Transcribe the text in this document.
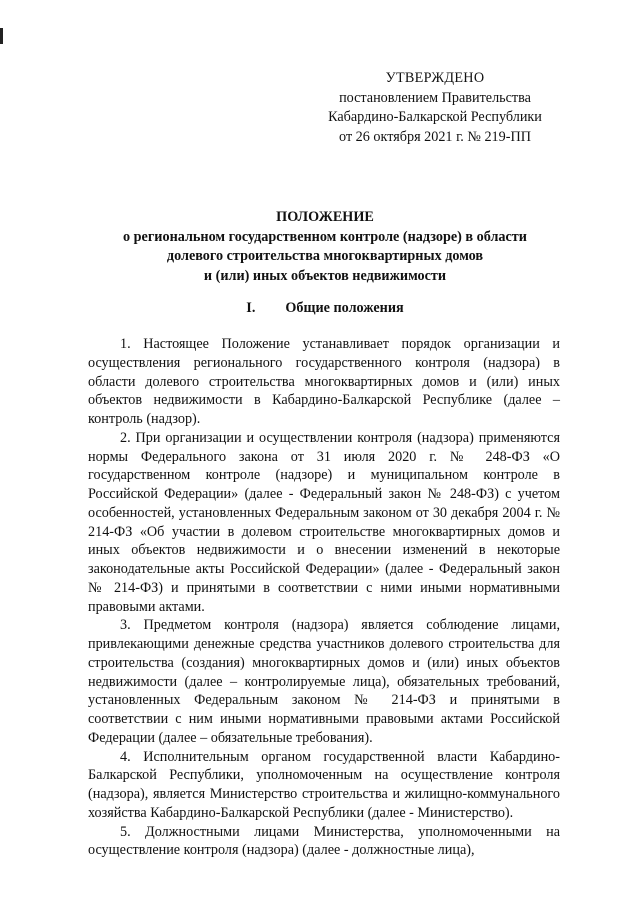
УТВЕРЖДЕНО
постановлением Правительства
Кабардино-Балкарской Республики
от 26 октября 2021 г. № 219-ПП
ПОЛОЖЕНИЕ
о региональном государственном контроле (надзоре) в области
долевого строительства многоквартирных домов
и (или) иных объектов недвижимости
I. Общие положения

1. Настоящее Положение устанавливает порядок организации и осуществления регионального государственного контроля (надзора) в области долевого строительства многоквартирных домов и (или) иных объектов недвижимости в Кабардино-Балкарской Республике (далее – контроль (надзор).

2. При организации и осуществлении контроля (надзора) применяются нормы Федерального закона от 31 июля 2020 г. № 248-ФЗ «О государственном контроле (надзоре) и муниципальном контроле в Российской Федерации» (далее - Федеральный закон № 248-ФЗ) с учетом особенностей, установленных Федеральным законом от 30 декабря 2004 г. № 214-ФЗ «Об участии в долевом строительстве многоквартирных домов и иных объектов недвижимости и о внесении изменений в некоторые законодательные акты Российской Федерации» (далее - Федеральный закон № 214-ФЗ) и принятыми в соответствии с ними иными нормативными правовыми актами.

3. Предметом контроля (надзора) является соблюдение лицами, привлекающими денежные средства участников долевого строительства для строительства (создания) многоквартирных домов и (или) иных объектов недвижимости (далее – контролируемые лица), обязательных требований, установленных Федеральным законом № 214-ФЗ и принятыми в соответствии с ним иными нормативными правовыми актами Российской Федерации (далее – обязательные требования).

4. Исполнительным органом государственной власти Кабардино-Балкарской Республики, уполномоченным на осуществление контроля (надзора), является Министерство строительства и жилищно-коммунального хозяйства Кабардино-Балкарской Республики (далее - Министерство).

5. Должностными лицами Министерства, уполномоченными на осуществление контроля (надзора) (далее - должностные лица),
